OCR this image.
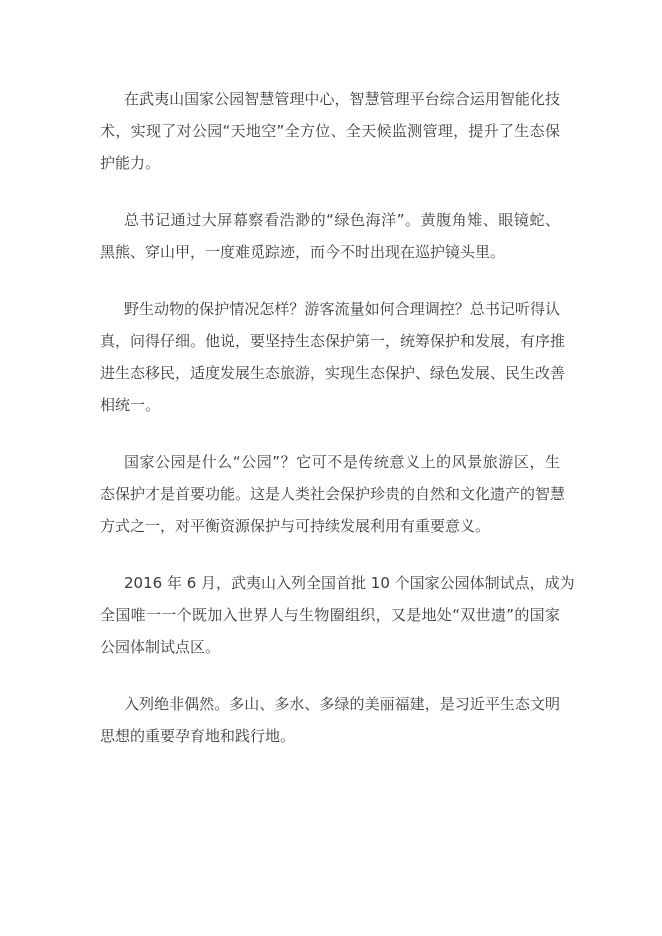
在武夷山国家公园智慧管理中心，智慧管理平台综合运用智能化技
术，实现了对公园“天地空”全方位、全天候监测管理，提升了生态保
护能力。
总书记通过大屏幕察看浩渺的“绿色海洋”。黄腹角雉、眼镜蛇、
黑熊、穿山甲，一度难觅踪迹，而今不时出现在巡护镜头里。
野生动物的保护情况怎样？游客流量如何合理调控？总书记听得认
真，问得仔细。他说，要坚持生态保护第一，统筹保护和发展，有序推
进生态移民，适度发展生态旅游，实现生态保护、绿色发展、民生改善
相统一。
国家公园是什么“公园”？它可不是传统意义上的风景旅游区，生
态保护才是首要功能。这是人类社会保护珍贵的自然和文化遗产的智慧
方式之一，对平衡资源保护与可持续发展利用有重要意义。
2016 年 6 月，武夷山入列全国首批 10 个国家公园体制试点，成为
全国唯一一个既加入世界人与生物圈组织，又是地处“双世遗”的国家
公园体制试点区。
入列绝非偶然。多山、多水、多绿的美丽福建，是习近平生态文明
思想的重要孕育地和践行地。
